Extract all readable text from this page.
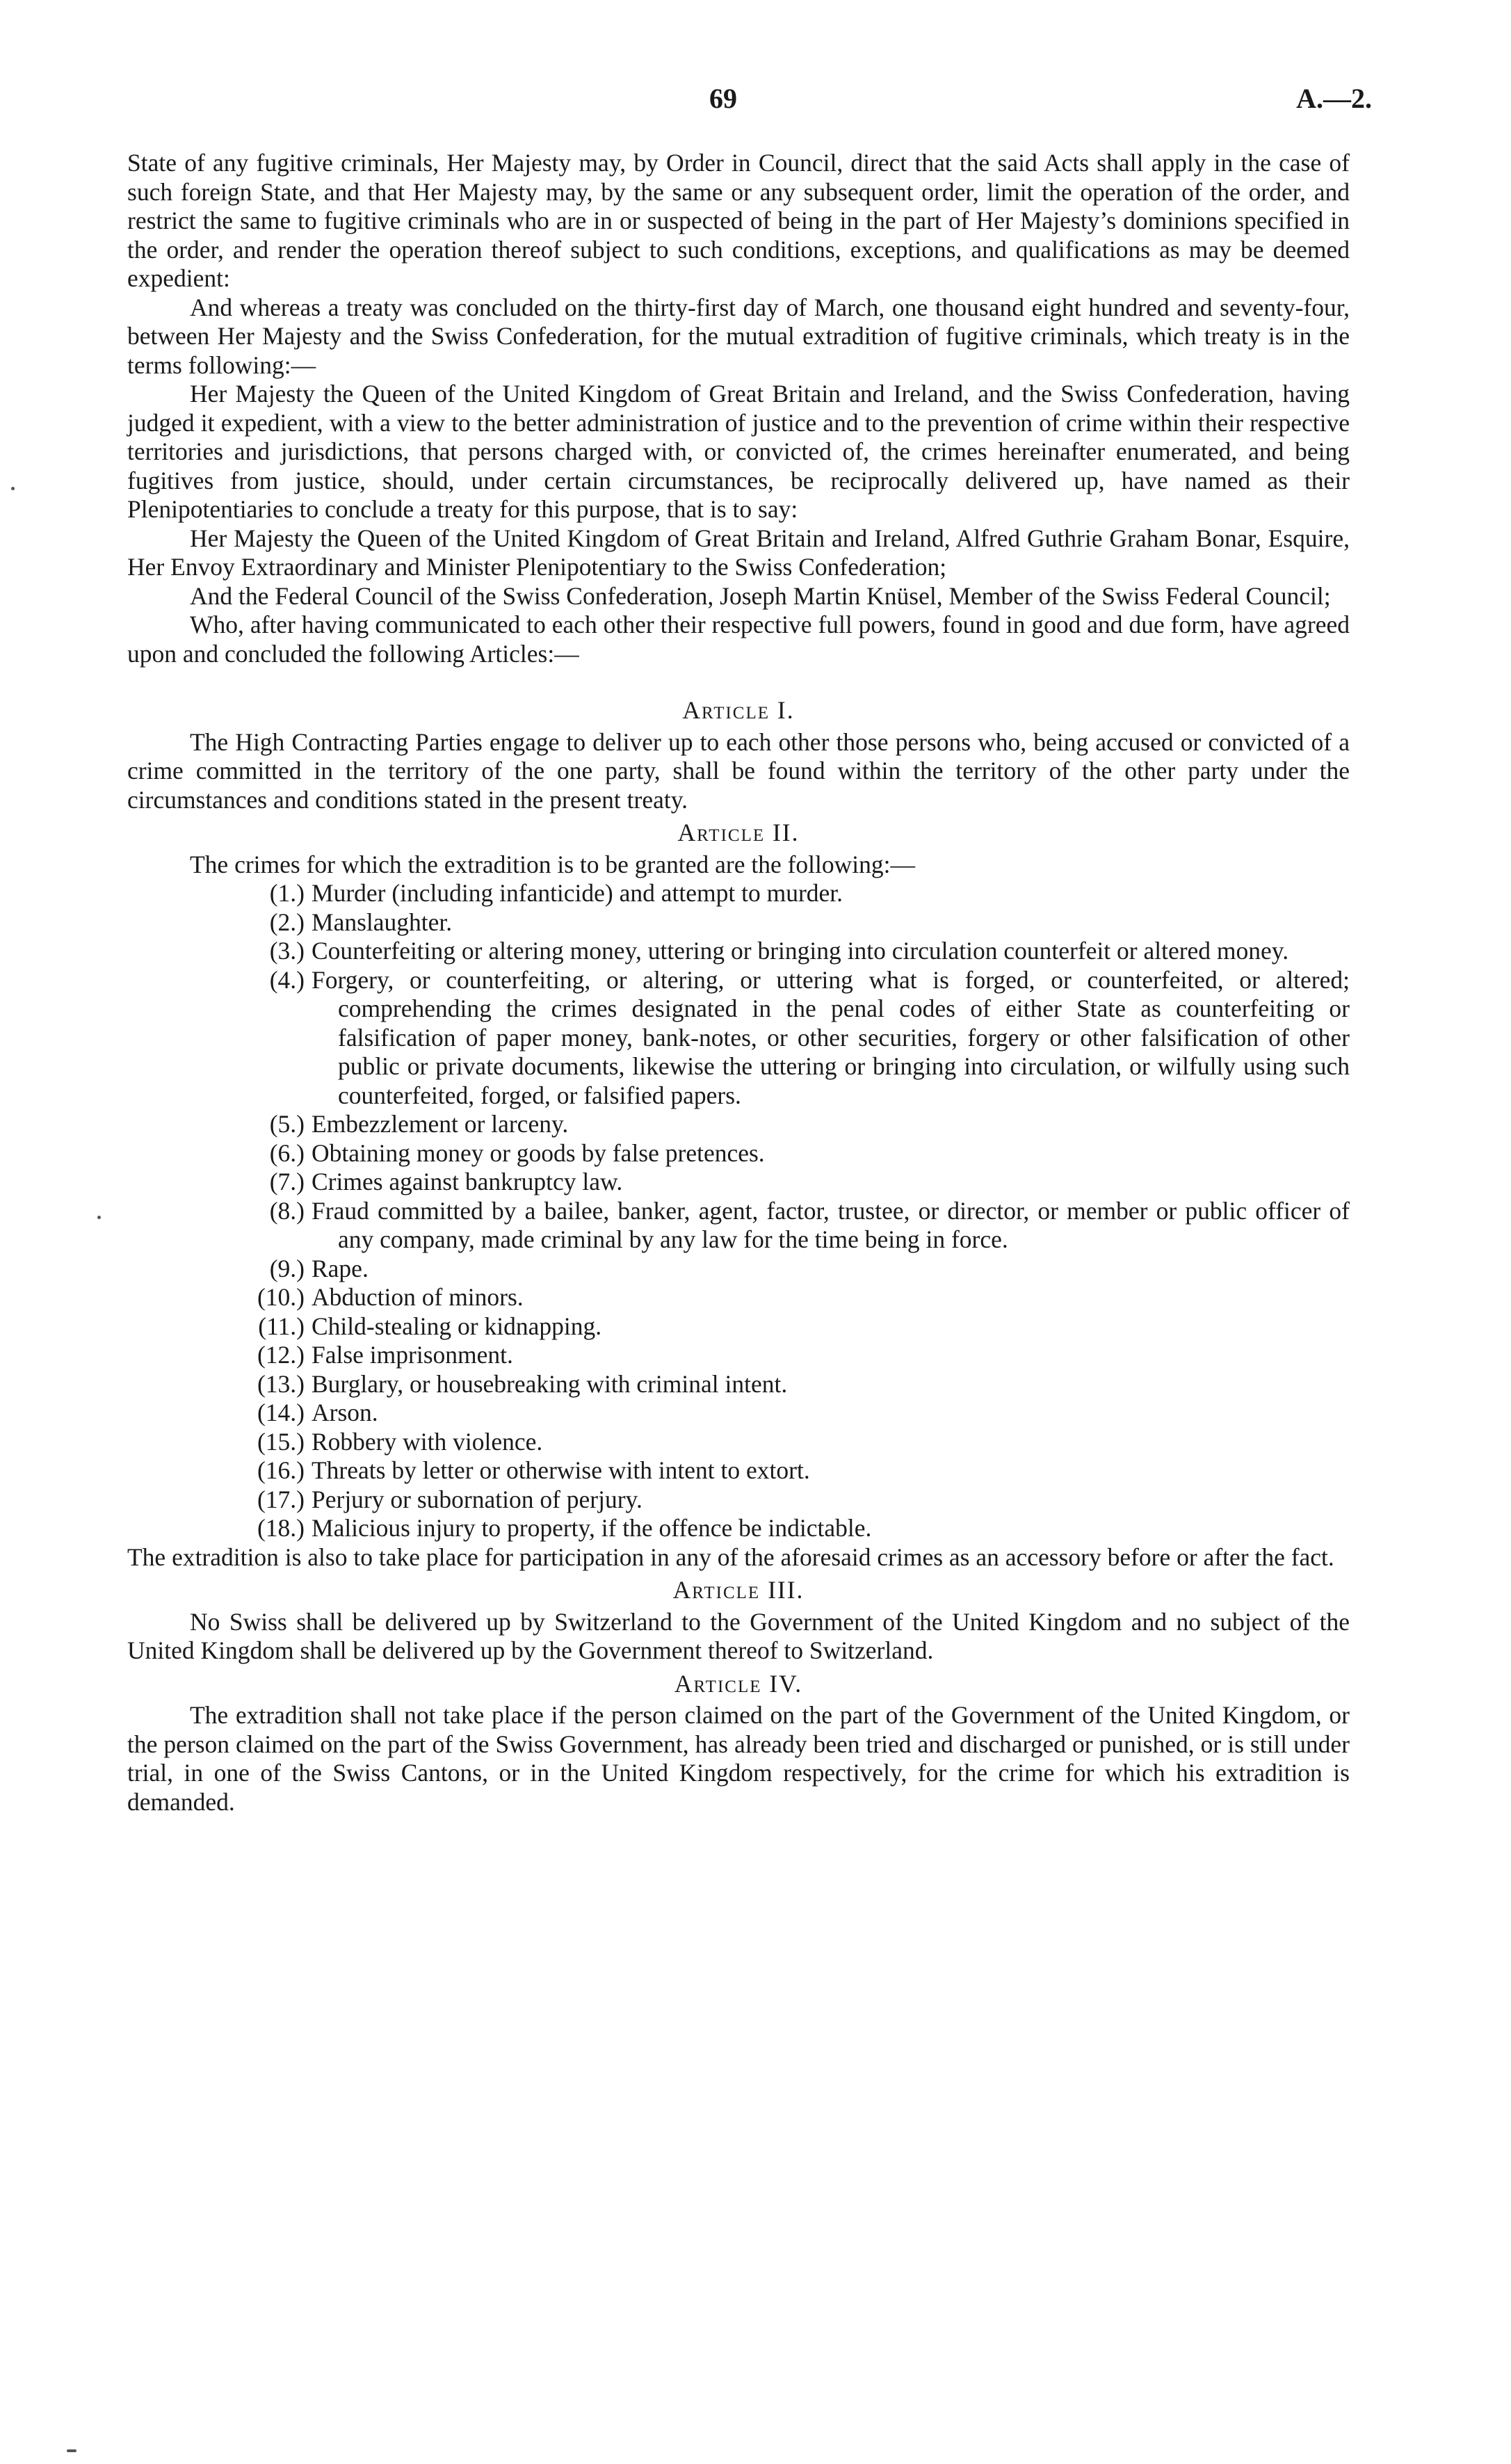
69	A.—2.

State of any fugitive criminals, Her Majesty may, by Order in Council, direct that the said Acts shall apply in the case of such foreign State, and that Her Majesty may, by the same or any subsequent order, limit the operation of the order, and restrict the same to fugitive criminals who are in or suspected of being in the part of Her Majesty’s dominions specified in the order, and render the operation thereof subject to such conditions, exceptions, and qualifications as may be deemed expedient:

And whereas a treaty was concluded on the thirty-first day of March, one thousand eight hundred and seventy-four, between Her Majesty and the Swiss Confederation, for the mutual extradition of fugitive criminals, which treaty is in the terms following:—

Her Majesty the Queen of the United Kingdom of Great Britain and Ireland, and the Swiss Confederation, having judged it expedient, with a view to the better administration of justice and to the prevention of crime within their respective territories and jurisdictions, that persons charged with, or convicted of, the crimes hereinafter enumerated, and being fugitives from justice, should, under certain circumstances, be reciprocally delivered up, have named as their Plenipotentiaries to conclude a treaty for this purpose, that is to say:

Her Majesty the Queen of the United Kingdom of Great Britain and Ireland, Alfred Guthrie Graham Bonar, Esquire, Her Envoy Extraordinary and Minister Plenipotentiary to the Swiss Confederation;

And the Federal Council of the Swiss Confederation, Joseph Martin Knüsel, Member of the Swiss Federal Council;

Who, after having communicated to each other their respective full powers, found in good and due form, have agreed upon and concluded the following Articles:—

Article I.

The High Contracting Parties engage to deliver up to each other those persons who, being accused or convicted of a crime committed in the territory of the one party, shall be found within the territory of the other party under the circumstances and conditions stated in the present treaty.

Article II.

The crimes for which the extradition is to be granted are the following:—

(1.) Murder (including infanticide) and attempt to murder.
(2.) Manslaughter.
(3.) Counterfeiting or altering money, uttering or bringing into circulation counterfeit or altered money.
(4.) Forgery, or counterfeiting, or altering, or uttering what is forged, or counterfeited, or altered; comprehending the crimes designated in the penal codes of either State as counterfeiting or falsification of paper money, bank-notes, or other securities, forgery or other falsification of other public or private documents, likewise the uttering or bringing into circulation, or wilfully using such counterfeited, forged, or falsified papers.
(5.) Embezzlement or larceny.
(6.) Obtaining money or goods by false pretences.
(7.) Crimes against bankruptcy law.
(8.) Fraud committed by a bailee, banker, agent, factor, trustee, or director, or member or public officer of any company, made criminal by any law for the time being in force.
(9.) Rape.
(10.) Abduction of minors.
(11.) Child-stealing or kidnapping.
(12.) False imprisonment.
(13.) Burglary, or housebreaking with criminal intent.
(14.) Arson.
(15.) Robbery with violence.
(16.) Threats by letter or otherwise with intent to extort.
(17.) Perjury or subornation of perjury.
(18.) Malicious injury to property, if the offence be indictable.

The extradition is also to take place for participation in any of the aforesaid crimes as an accessory before or after the fact.

Article III.

No Swiss shall be delivered up by Switzerland to the Government of the United Kingdom and no subject of the United Kingdom shall be delivered up by the Government thereof to Switzerland.

Article IV.

The extradition shall not take place if the person claimed on the part of the Government of the United Kingdom, or the person claimed on the part of the Swiss Government, has already been tried and discharged or punished, or is still under trial, in one of the Swiss Cantons, or in the United Kingdom respectively, for the crime for which his extradition is demanded.
